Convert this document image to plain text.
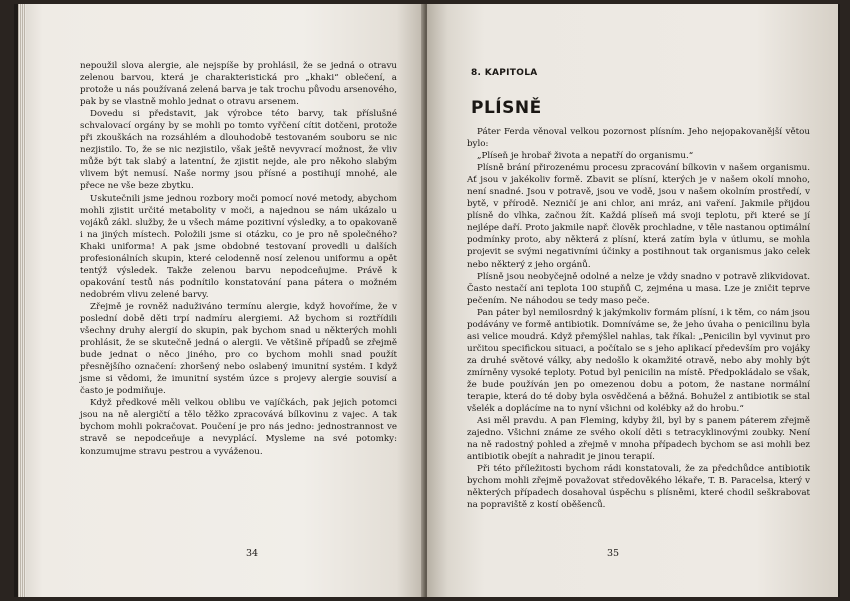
nepoužil slova alergie, ale nejspíše by prohlásil, že se jedná o otravu zelenou barvou, která je charakteristická pro „khaki“ oblečení, a protože u nás používaná zelená barva je tak trochu původu arsenového, pak by se vlastně mohlo jednat o otravu arsenem.

Dovedu si představit, jak výrobce této barvy, tak příslušné schvalovací orgány by se mohli po tomto vyřčení cítit dotčeni, protože při zkouškách na rozsáhlém a dlouhodobě testovaném souboru se nic nezjistilo. To, že se nic nezjistilo, však ještě nevyvrací možnost, že vliv může být tak slabý a latentní, že zjistit nejde, ale pro někoho slabým vlivem být nemusí. Naše normy jsou přísné a postihují mnohé, ale přece ne vše beze zbytku.

Uskutečnili jsme jednou rozbory moči pomocí nové metody, abychom mohli zjistit určité metabolity v moči, a najednou se nám ukázalo u vojáků zákl. služby, že u všech máme pozitivní výsledky, a to opakovaně i na jiných místech. Položili jsme si otázku, co je pro ně společného? Khaki uniforma! A pak jsme obdobné testovaní provedli u dalších profesionálních skupin, které celodenně nosí zelenou uniformu a opět tentýž výsledek. Takže zelenou barvu nepodceňujme. Právě k opakování testů nás podnítilo konstatování pana pátera o možném nedobrém vlivu zelené barvy.

Zřejmě je rovněž naduživáno termínu alergie, když hovoříme, že v poslední době děti trpí nadmíru alergiemi. Až bychom si roztřídili všechny druhy alergií do skupin, pak bychom snad u některých mohli prohlásit, že se skutečně jedná o alergii. Ve většině případů se zřejmě bude jednat o něco jiného, pro co bychom mohli snad použít přesnějšího označení: zhoršený nebo oslabený imunitní systém. I když jsme si vědomi, že imunitní systém úzce s projevy alergie souvisí a často je podmiňuje.

Když předkové měli velkou oblibu ve vajíčkách, pak jejich potomci jsou na ně alergičtí a tělo těžko zpracovává bílkovinu z vajec. A tak bychom mohli pokračovat. Poučení je pro nás jedno: jednostrannost ve stravě se nepodceňuje a nevyplácí. Mysleme na své potomky: konzumujme stravu pestrou a vyváženou.

34
8. KAPITOLA
PLÍSNĚ

Páter Ferda věnoval velkou pozornost plísním. Jeho nejopakovanější větou bylo:

„Plíseň je hrobař života a nepatří do organismu.“

Plísně brání přirozenému procesu zpracování bílkovin v našem organismu. Ať jsou v jakékoliv formě. Zbavit se plísní, kterých je v našem okolí mnoho, není snadné. Jsou v potravě, jsou ve vodě, jsou v našem okolním prostředí, v bytě, v přírodě. Nezničí je ani chlor, ani mráz, ani vaření. Jakmile přijdou plísně do vlhka, začnou žít. Každá plíseň má svoji teplotu, při které se jí nejlépe daří. Proto jakmile např. člověk prochladne, v těle nastanou optimální podmínky proto, aby některá z plísní, která zatím byla v útlumu, se mohla projevit se svými negativními účinky a postihnout tak organismus jako celek nebo některý z jeho orgánů.

Plísně jsou neobyčejně odolné a nelze je vždy snadno v potravě zlikvidovat. Často nestačí ani teplota 100 stupňů C, zejména u masa. Lze je zničit teprve pečením. Ne náhodou se tedy maso peče.

Pan páter byl nemilosrdný k jakýmkoliv formám plísní, i k těm, co nám jsou podávány ve formě antibiotik. Domníváme se, že jeho úvaha o penicilinu byla asi velice moudrá. Když přemýšlel nahlas, tak říkal: „Penicilin byl vyvinut pro určitou specifickou situaci, a počítalo se s jeho aplikací především pro vojáky za druhé světové války, aby nedošlo k okamžité otravě, nebo aby mohly být zmírněny vysoké teploty. Potud byl penicilin na místě. Předpokládalo se však, že bude používán jen po omezenou dobu a potom, že nastane normální terapie, která do té doby byla osvědčená a běžná. Bohužel z antibiotik se stal všelék a doplácíme na to nyní všichni od kolébky až do hrobu.“

Asi měl pravdu. A pan Fleming, kdyby žil, byl by s panem páterem zřejmě zajedno. Všichni známe ze svého okolí děti s tetracyklinovými zoubky. Není na ně radostný pohled a zřejmě v mnoha případech bychom se asi mohli bez antibiotik obejít a nahradit je jinou terapií.

Při této příležitosti bychom rádi konstatovali, že za předchůdce antibiotik bychom mohli zřejmě považovat středověkého lékaře, T. B. Paracelsa, který v některých případech dosahoval úspěchu s plísněmi, které chodil seškrabovat na popraviště z kostí oběšenců.

35
